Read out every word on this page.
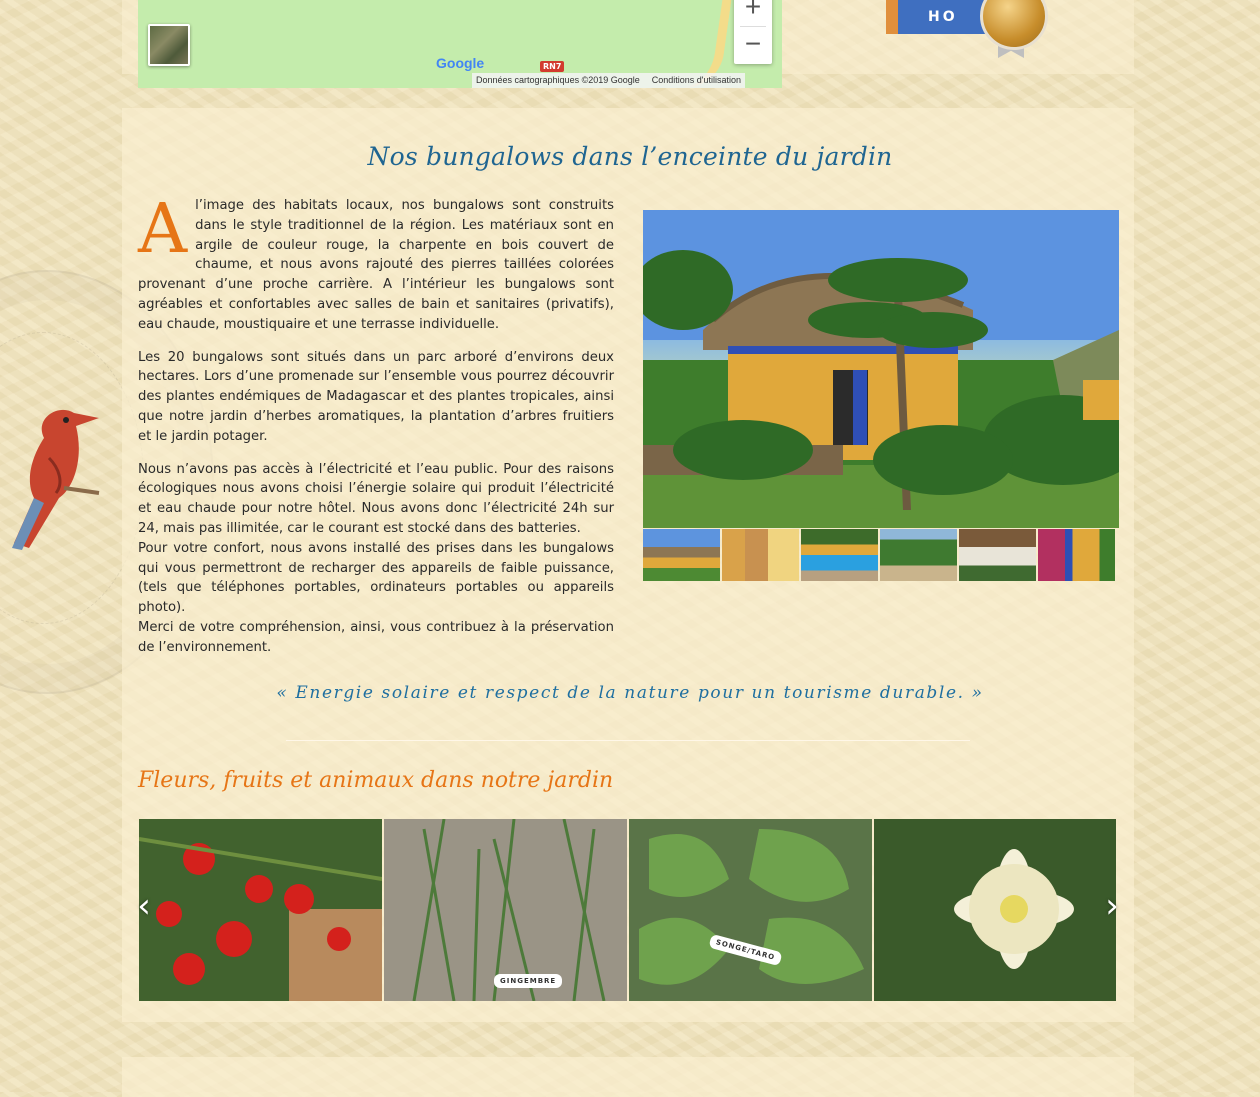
RN7
Google
Données cartographiques ©2019 Google Conditions d'utilisation
+
−
HO
Nos bungalows dans l’enceinte du jardin

Al’image des habitats locaux, nos bungalows sont construits dans le style traditionnel de la région. Les matériaux sont en argile de couleur rouge, la charpente en bois couvert de chaume, et nous avons rajouté des pierres taillées colorées provenant d’une proche carrière. A l’intérieur les bungalows sont agréables et confortables avec salles de bain et sanitaires (privatifs), eau chaude, moustiquaire et une terrasse individuelle.

Les 20 bungalows sont situés dans un parc arboré d’environs deux hectares. Lors d’une promenade sur l’ensemble vous pourrez découvrir des plantes endémiques de Madagascar et des plantes tropicales, ainsi que notre jardin d’herbes aromatiques, la plantation d’arbres fruitiers et le jardin potager.

Nous n’avons pas accès à l’électricité et l’eau public. Pour des raisons écologiques nous avons choisi l’énergie solaire qui produit l’électricité et eau chaude pour notre hôtel. Nous avons donc l’électricité 24h sur 24, mais pas illimitée, car le courant est stocké dans des batteries.

Pour votre confort, nous avons installé des prises dans les bungalows qui vous permettront de recharger des appareils de faible puissance, (tels que téléphones portables, ordinateurs portables ou appareils photo).

Merci de votre compréhension, ainsi, vous contribuez à la préservation de l’environnement.

« Energie solaire et respect de la nature pour un tourisme durable. »
Fleurs, fruits et animaux dans notre jardin
GINGEMBRE
SONGE/TARO
‹	›
